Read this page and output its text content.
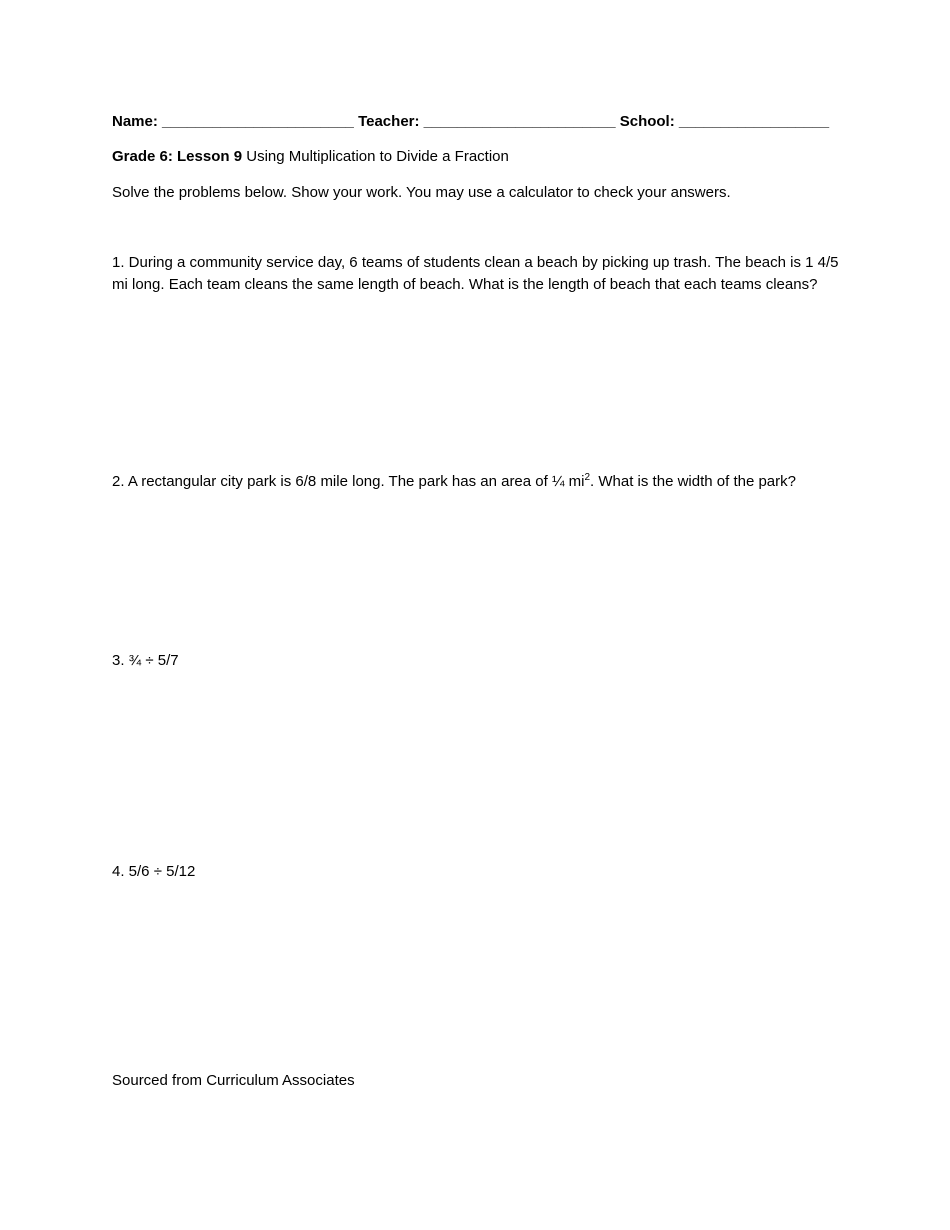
Name: _______________________ Teacher: _______________________ School: __________________
Grade 6: Lesson 9 Using Multiplication to Divide a Fraction
Solve the problems below. Show your work. You may use a calculator to check your answers.
1. During a community service day, 6 teams of students clean a beach by picking up trash. The beach is 1 4/5 mi long. Each team cleans the same length of beach. What is the length of beach that each teams cleans?
2. A rectangular city park is 6/8 mile long. The park has an area of ¼ $mi^2$. What is the width of the park?
3. ¾ ÷ 5/7
4. 5/6 ÷ 5/12
Sourced from Curriculum Associates
